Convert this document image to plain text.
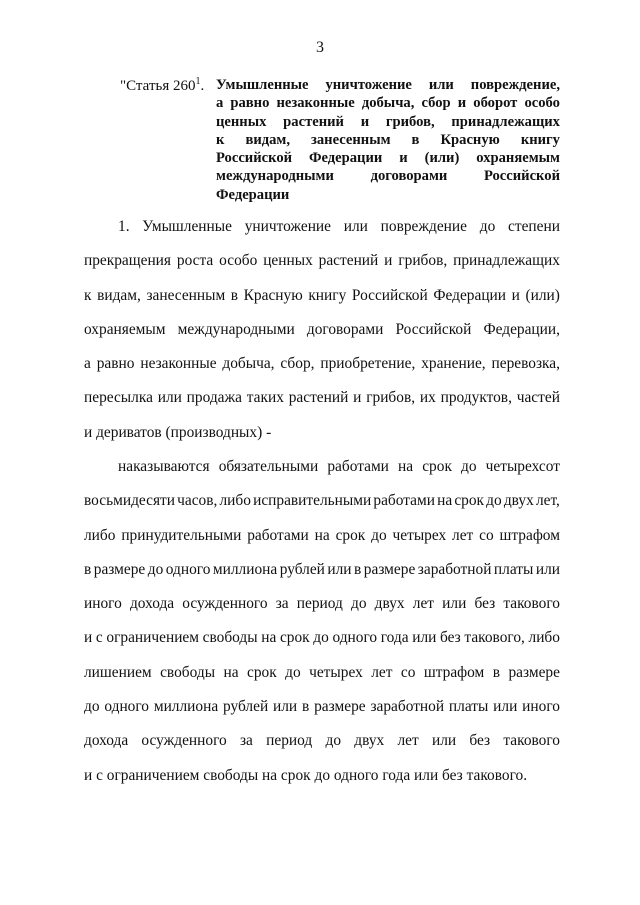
3
"Статья $260^1$. Умышленные уничтожение или повреждение,
а равно незаконные добыча, сбор и оборот особо
ценных растений и грибов, принадлежащих
к видам, занесенным в Красную книгу
Российской Федерации и (или) охраняемым
международными	договорами	Российской
Федерации
1. Умышленные уничтожение или повреждение до степени
прекращения роста особо ценных растений и грибов, принадлежащих
к видам, занесенным в Красную книгу Российской Федерации и (или)
охраняемым международными договорами Российской Федерации,
а равно незаконные добыча, сбор, приобретение, хранение, перевозка,
пересылка или продажа таких растений и грибов, их продуктов, частей
и дериватов (производных) -
наказываются обязательными работами на срок до четырехсот
восьмидесяти часов, либо исправительными работами на срок до двух лет,
либо принудительными работами на срок до четырех лет со штрафом
в размере до одного миллиона рублей или в размере заработной платы или
иного дохода осужденного за период до двух лет или без такового
и с ограничением свободы на срок до одного года или без такового, либо
лишением свободы на срок до четырех лет со штрафом в размере
до одного миллиона рублей или в размере заработной платы или иного
дохода осужденного за период до двух лет или без такового
и с ограничением свободы на срок до одного года или без такового.
